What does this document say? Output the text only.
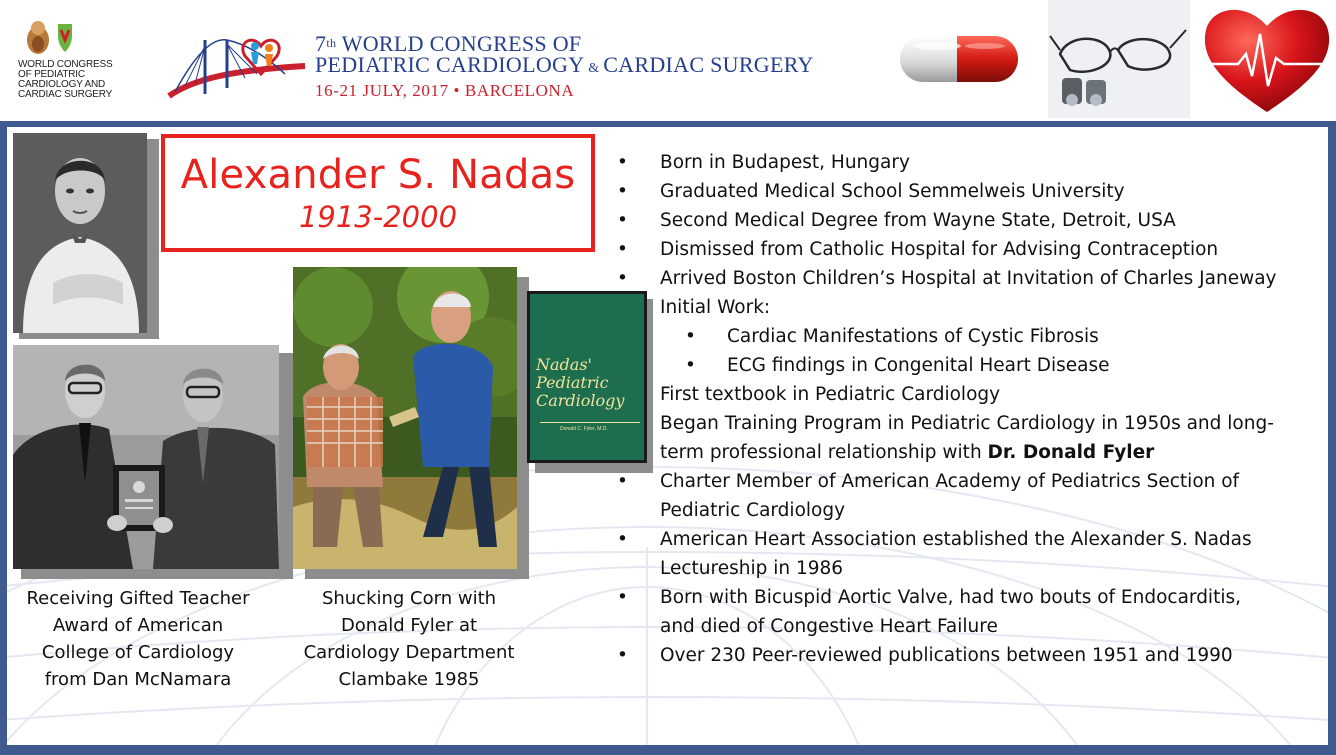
WORLD CONGRESS
OF PEDIATRIC
CARDIOLOGY AND
CARDIAC SURGERY
7th WORLD CONGRESS OF
PEDIATRIC CARDIOLOGY & CARDIAC SURGERY
16-21 JULY, 2017 • BARCELONA
Nadas'
Pediatric
Cardiology
Donald C. Fyler, M.D.
Alexander S. Nadas
1913-2000
Receiving Gifted Teacher
Award of American
College of Cardiology
from Dan McNamara
Shucking Corn with
Donald Fyler at
Cardiology Department
Clambake 1985
•	Born in Budapest, Hungary
•	Graduated Medical School Semmelweis University
•	Second Medical Degree from Wayne State, Detroit, USA
•	Dismissed from Catholic Hospital for Advising Contraception
•	Arrived Boston Children’s Hospital at Invitation of Charles Janeway
Initial Work:
•	Cardiac Manifestations of Cystic Fibrosis
•	ECG findings in Congenital Heart Disease
First textbook in Pediatric Cardiology
Began Training Program in Pediatric Cardiology in 1950s and long-
term professional relationship with Dr. Donald Fyler
•	Charter Member of American Academy of Pediatrics Section of
Pediatric Cardiology
•	American Heart Association established the Alexander S. Nadas
Lectureship in 1986
•	Born with Bicuspid Aortic Valve, had two bouts of Endocarditis,
and died of Congestive Heart Failure
•	Over 230 Peer-reviewed publications between 1951 and 1990
